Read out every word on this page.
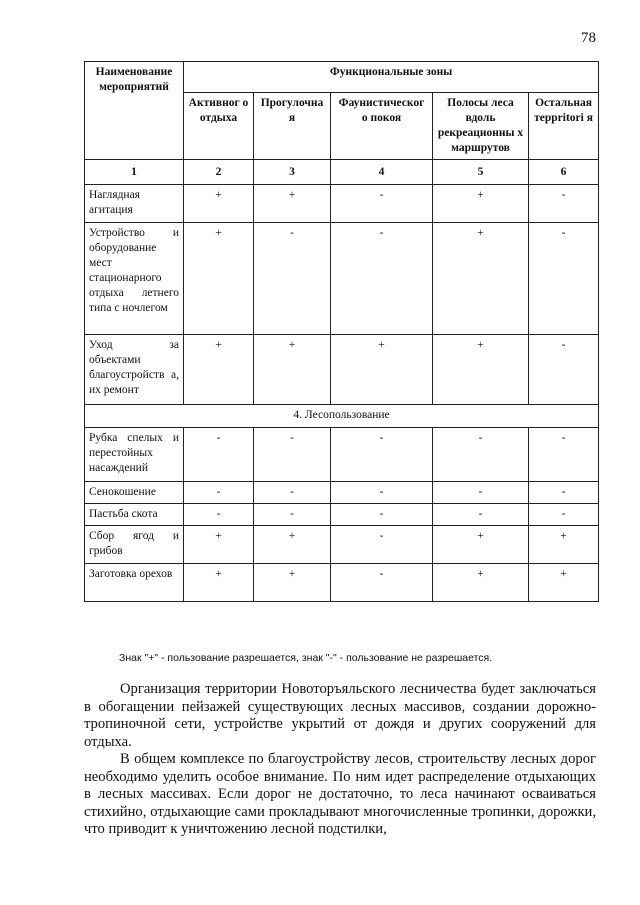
78
Наименование мероприятий	Функциональные зоны				
	Активног о отдыха	Прогулочна я	Фаунистическог о покоя	Полосы леса вдоль рекреационны х маршрутов	Остальная террritori я
1	2	3	4	5	6
Наглядная агитация	+	+	-	+	-
Устройство и оборудование мест стационарного отдыха летнего типа с ночлегом	+	-	-	+	-
Уход за объектами благоустройств а, их ремонт	+	+	+	+	-
4. Лесопользование					
Рубка спелых и перестойных насаждений	-	-	-	-	-
Сенокошение	-	-	-	-	-
Пастьба скота	-	-	-	-	-
Сбор ягод и грибов	+	+	-	+	+
Заготовка орехов	+	+	-	+	+
Знак "+" - пользование разрешается, знак "-" - пользование не разрешается.

Организация территории Новоторъяльского лесничества будет заключаться в обогащении пейзажей существующих лесных массивов, создании дорожно-тропиночной сети, устройстве укрытий от дождя и других сооружений для отдыха.

В общем комплексе по благоустройству лесов, строительству лесных дорог необходимо уделить особое внимание. По ним идет распределение отдыхающих в лесных массивах. Если дорог не достаточно, то леса начинают осваиваться стихийно, отдыхающие сами прокладывают многочисленные тропинки, дорожки, что приводит к уничтожению лесной подстилки,
